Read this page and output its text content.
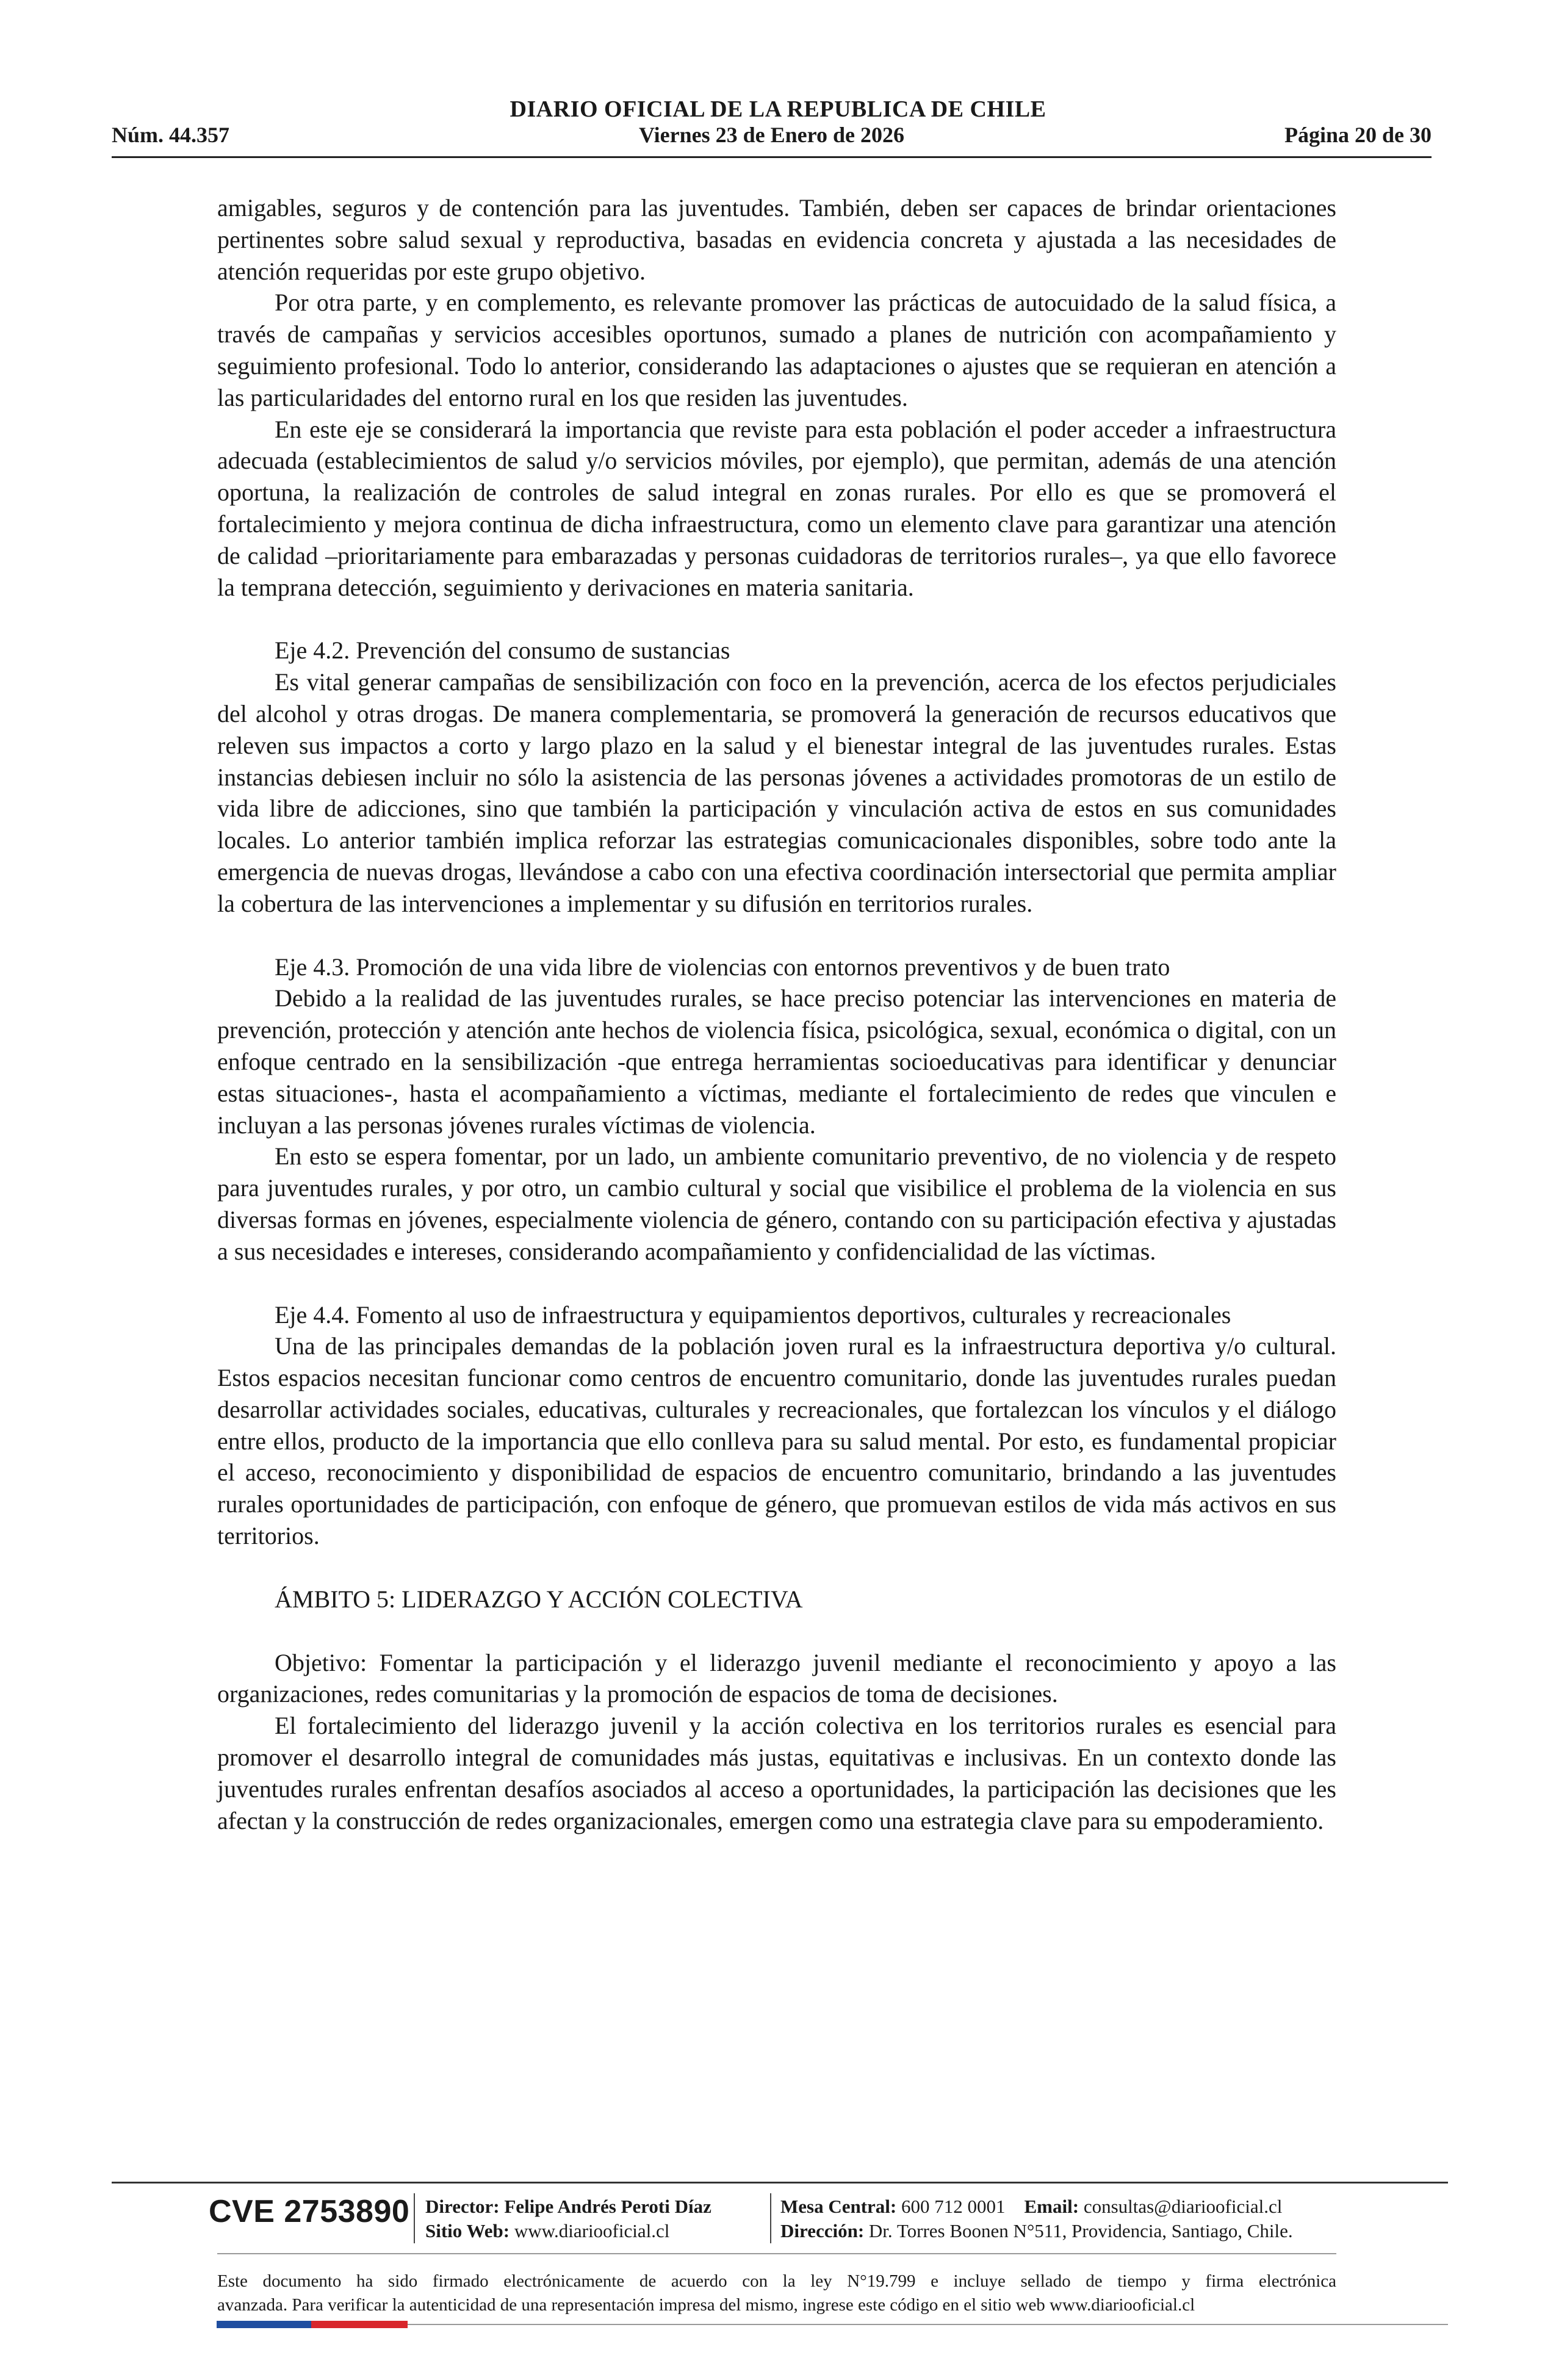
DIARIO OFICIAL DE LA REPUBLICA DE CHILE
Núm. 44.357	Viernes 23 de Enero de 2026	Página 20 de 30

amigables, seguros y de contención para las juventudes. También, deben ser capaces de brindar orientaciones pertinentes sobre salud sexual y reproductiva, basadas en evidencia concreta y ajustada a las necesidades de atención requeridas por este grupo objetivo.

Por otra parte, y en complemento, es relevante promover las prácticas de autocuidado de la salud física, a través de campañas y servicios accesibles oportunos, sumado a planes de nutrición con acompañamiento y seguimiento profesional. Todo lo anterior, considerando las adaptaciones o ajustes que se requieran en atención a las particularidades del entorno rural en los que residen las juventudes.

En este eje se considerará la importancia que reviste para esta población el poder acceder a infraestructura adecuada (establecimientos de salud y/o servicios móviles, por ejemplo), que permitan, además de una atención oportuna, la realización de controles de salud integral en zonas rurales. Por ello es que se promoverá el fortalecimiento y mejora continua de dicha infraestructura, como un elemento clave para garantizar una atención de calidad –prioritariamente para embarazadas y personas cuidadoras de territorios rurales–, ya que ello favorece la temprana detección, seguimiento y derivaciones en materia sanitaria.

Eje 4.2. Prevención del consumo de sustancias

Es vital generar campañas de sensibilización con foco en la prevención, acerca de los efectos perjudiciales del alcohol y otras drogas. De manera complementaria, se promoverá la generación de recursos educativos que releven sus impactos a corto y largo plazo en la salud y el bienestar integral de las juventudes rurales. Estas instancias debiesen incluir no sólo la asistencia de las personas jóvenes a actividades promotoras de un estilo de vida libre de adicciones, sino que también la participación y vinculación activa de estos en sus comunidades locales. Lo anterior también implica reforzar las estrategias comunicacionales disponibles, sobre todo ante la emergencia de nuevas drogas, llevándose a cabo con una efectiva coordinación intersectorial que permita ampliar la cobertura de las intervenciones a implementar y su difusión en territorios rurales.

Eje 4.3. Promoción de una vida libre de violencias con entornos preventivos y de buen trato

Debido a la realidad de las juventudes rurales, se hace preciso potenciar las intervenciones en materia de prevención, protección y atención ante hechos de violencia física, psicológica, sexual, económica o digital, con un enfoque centrado en la sensibilización -que entrega herramientas socioeducativas para identificar y denunciar estas situaciones-, hasta el acompañamiento a víctimas, mediante el fortalecimiento de redes que vinculen e incluyan a las personas jóvenes rurales víctimas de violencia.

En esto se espera fomentar, por un lado, un ambiente comunitario preventivo, de no violencia y de respeto para juventudes rurales, y por otro, un cambio cultural y social que visibilice el problema de la violencia en sus diversas formas en jóvenes, especialmente violencia de género, contando con su participación efectiva y ajustadas a sus necesidades e intereses, considerando acompañamiento y confidencialidad de las víctimas.

Eje 4.4. Fomento al uso de infraestructura y equipamientos deportivos, culturales y recreacionales

Una de las principales demandas de la población joven rural es la infraestructura deportiva y/o cultural. Estos espacios necesitan funcionar como centros de encuentro comunitario, donde las juventudes rurales puedan desarrollar actividades sociales, educativas, culturales y recreacionales, que fortalezcan los vínculos y el diálogo entre ellos, producto de la importancia que ello conlleva para su salud mental. Por esto, es fundamental propiciar el acceso, reconocimiento y disponibilidad de espacios de encuentro comunitario, brindando a las juventudes rurales oportunidades de participación, con enfoque de género, que promuevan estilos de vida más activos en sus territorios.

ÁMBITO 5: LIDERAZGO Y ACCIÓN COLECTIVA

Objetivo: Fomentar la participación y el liderazgo juvenil mediante el reconocimiento y apoyo a las organizaciones, redes comunitarias y la promoción de espacios de toma de decisiones.

El fortalecimiento del liderazgo juvenil y la acción colectiva en los territorios rurales es esencial para promover el desarrollo integral de comunidades más justas, equitativas e inclusivas. En un contexto donde las juventudes rurales enfrentan desafíos asociados al acceso a oportunidades, la participación las decisiones que les afectan y la construcción de redes organizacionales, emergen como una estrategia clave para su empoderamiento.

CVE 2753890 Director: Felipe Andrés Peroti Díaz
Sitio Web: www.diariooficial.cl
Mesa Central: 600 712 0001 Email: consultas@diariooficial.cl
Dirección: Dr. Torres Boonen N°511, Providencia, Santiago, Chile.

Este documento ha sido firmado electrónicamente de acuerdo con la ley N°19.799 e incluye sellado de tiempo y firma electrónica

avanzada. Para verificar la autenticidad de una representación impresa del mismo, ingrese este código en el sitio web www.diariooficial.cl
